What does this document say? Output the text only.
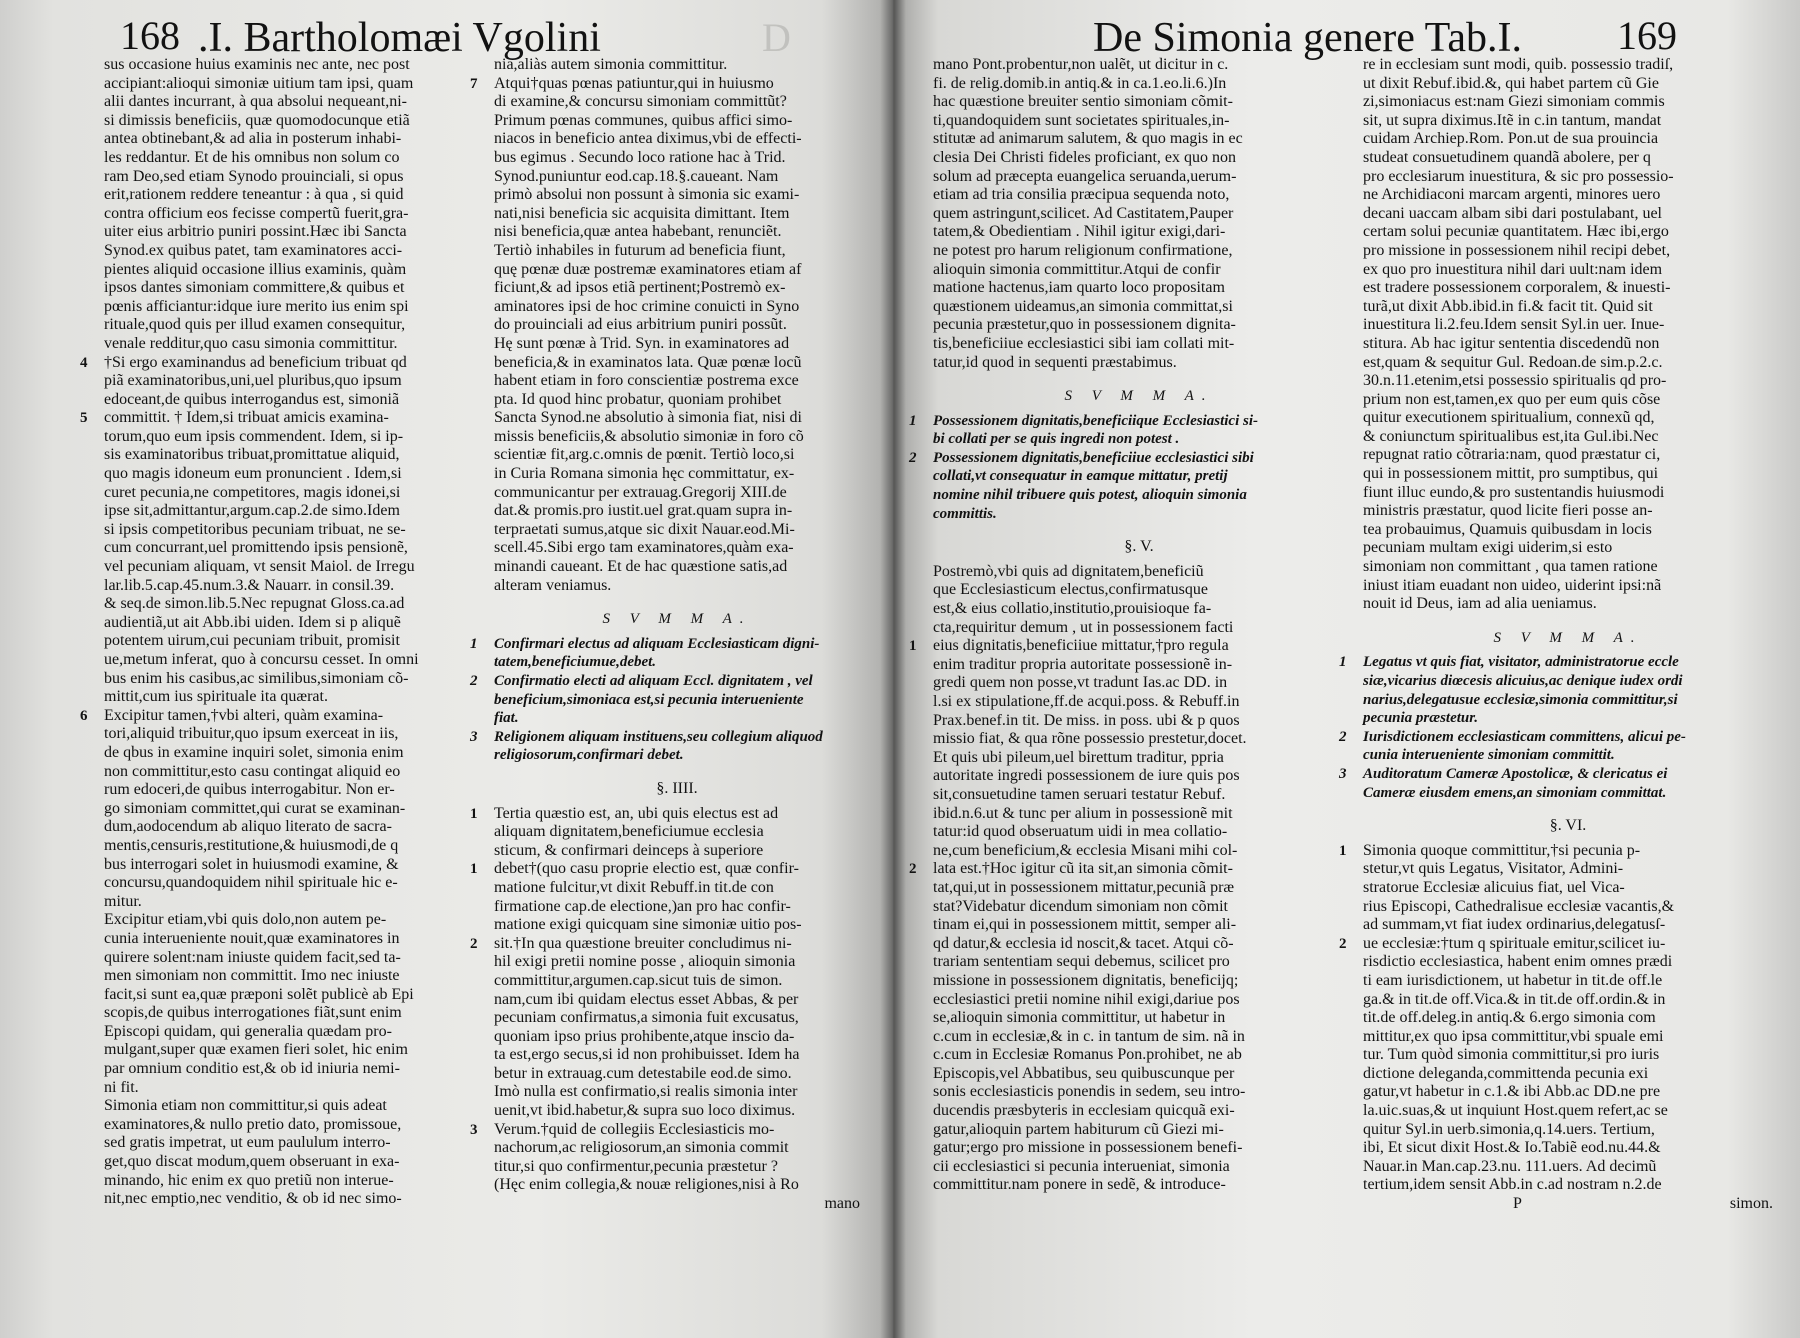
168 .I. Bartholomæi Vgolini	D

sus occasione huius examinis nec ante, nec post

accipiant:alioqui simoniæ uitium tam ipsi, quam

alii dantes incurrant, à qua absolui nequeant,ni-

si dimissis beneficiis, quæ quomodocunque etiã

antea obtinebant,& ad alia in posterum inhabi-

les reddantur. Et de his omnibus non solum co

ram Deo,sed etiam Synodo prouinciali, si opus

erit,rationem reddere teneantur : à qua , si quid

contra officium eos fecisse compertũ fuerit,gra-

uiter eius arbitrio puniri possint.Hæc ibi Sancta

Synod.ex quibus patet, tam examinatores acci-

pientes aliquid occasione illius examinis, quàm

ipsos dantes simoniam committere,& quibus et

pœnis afficiantur:idque iure merito ius enim spi

rituale,quod quis per illud examen consequitur,

venale redditur,quo casu simonia committitur.

4 †Si ergo examinandus ad beneficium tribuat qd

piã examinatoribus,uni,uel pluribus,quo ipsum

edoceant,de quibus interrogandus est, simoniã

5 committit. † Idem,si tribuat amicis examina-

torum,quo eum ipsis commendent. Idem, si ip-

sis examinatoribus tribuat,promittatue aliquid,

quo magis idoneum eum pronuncient . Idem,si

curet pecunia,ne competitores, magis idonei,si

ipse sit,admittantur,argum.cap.2.de simo.Idem

si ipsis competitoribus pecuniam tribuat, ne se-

cum concurrant,uel promittendo ipsis pensionẽ,

vel pecuniam aliquam, vt sensit Maiol. de Irregu

lar.lib.5.cap.45.num.3.& Nauarr. in consil.39.

& seq.de simon.lib.5.Nec repugnat Gloss.ca.ad

audientiã,ut ait Abb.ibi uiden. Idem si p aliquẽ

potentem uirum,cui pecuniam tribuit, promisit

ue,metum inferat, quo à concursu cesset. In omni

bus enim his casibus,ac similibus,simoniam cõ-

mittit,cum ius spirituale ita quærat.

6 Excipitur tamen,†vbi alteri, quàm examina-

tori,aliquid tribuitur,quo ipsum exerceat in iis,

de qbus in examine inquiri solet, simonia enim

non committitur,esto casu contingat aliquid eo

rum edoceri,de quibus interrogabitur. Non er-

go simoniam committet,qui curat se examinan-

dum,aodocendum ab aliquo literato de sacra-

mentis,censuris,restitutione,& huiusmodi,de q

bus interrogari solet in huiusmodi examine, &

concursu,quandoquidem nihil spirituale hic e-

mitur.

Excipitur etiam,vbi quis dolo,non autem pe-

cunia interueniente nouit,quæ examinatores in

quirere solent:nam iniuste quidem facit,sed ta-

men simoniam non committit. Imo nec iniuste

facit,si sunt ea,quæ præponi solẽt publicè ab Epi

scopis,de quibus interrogationes fiãt,sunt enim

Episcopi quidam, qui generalia quædam pro-

mulgant,super quæ examen fieri solet, hic enim

par omnium conditio est,& ob id iniuria nemi-

ni fit.

Simonia etiam non committitur,si quis adeat

examinatores,& nullo pretio dato, promissoue,

sed gratis impetrat, ut eum paululum interro-

get,quo discat modum,quem obseruant in exa-

minando, hic enim ex quo pretiũ non interue-

nit,nec emptio,nec venditio, & ob id nec simo-

nia,aliàs autem simonia committitur.

7 Atqui†quas pœnas patiuntur,qui in huiusmo

di examine,& concursu simoniam committũt?

Primum pœnas communes, quibus affici simo-

niacos in beneficio antea diximus,vbi de effecti-

bus egimus . Secundo loco ratione hac à Trid.

Synod.puniuntur eod.cap.18.§.caueant. Nam

primò absolui non possunt à simonia sic exami-

nati,nisi beneficia sic acquisita dimittant. Item

nisi beneficia,quæ antea habebant, renunciẽt.

Tertiò inhabiles in futurum ad beneficia fiunt,

quę pœnæ duæ postremæ examinatores etiam af

ficiunt,& ad ipsos etiã pertinent;Postremò ex-

aminatores ipsi de hoc crimine conuicti in Syno

do prouinciali ad eius arbitrium puniri possũt.

Hę sunt pœnæ à Trid. Syn. in examinatores ad

beneficia,& in examinatos lata. Quæ pœnæ locũ

habent etiam in foro conscientiæ postrema exce

pta. Id quod hinc probatur, quoniam prohibet

Sancta Synod.ne absolutio à simonia fiat, nisi di

missis beneficiis,& absolutio simoniæ in foro cõ

scientiæ fit,arg.c.omnis de pœnit. Tertiò loco,si

in Curia Romana simonia hęc committatur, ex-

communicantur per extrauag.Gregorij XIII.de

dat.& promis.pro iustit.uel grat.quam supra in-

terpraetati sumus,atque sic dixit Nauar.eod.Mi-

scell.45.Sibi ergo tam examinatores,quàm exa-

minandi caueant. Et de hac quæstione satis,ad

alteram veniamus.

S V M M A.

1 Confirmari electus ad aliquam Ecclesiasticam digni-

tatem,beneficiumue,debet.

2 Confirmatio electi ad aliquam Eccl. dignitatem , vel

beneficium,simoniaca est,si pecunia interueniente

fiat.

3 Religionem aliquam instituens,seu collegium aliquod

religiosorum,confirmari debet.

§. IIII.

1 Tertia quæstio est, an, ubi quis electus est ad

aliquam dignitatem,beneficiumue ecclesia

sticum, & confirmari deinceps à superiore

1 debet†(quo casu proprie electio est, quæ confir-

matione fulcitur,vt dixit Rebuff.in tit.de con

firmatione cap.de electione,)an pro hac confir-

matione exigi quicquam sine simoniæ uitio pos-

2 sit.†In qua quæstione breuiter concludimus ni-

hil exigi pretii nomine posse , alioquin simonia

committitur,argumen.cap.sicut tuis de simon.

nam,cum ibi quidam electus esset Abbas, & per

pecuniam confirmatus,a simonia fuit excusatus,

quoniam ipso prius prohibente,atque inscio da-

ta est,ergo secus,si id non prohibuisset. Idem ha

betur in extrauag.cum detestabile eod.de simo.

Imò nulla est confirmatio,si realis simonia inter

uenit,vt ibid.habetur,& supra suo loco diximus.

3 Verum.†quid de collegiis Ecclesiasticis mo-

nachorum,ac religiosorum,an simonia commit

titur,si quo confirmentur,pecunia præstetur ?

(Hęc enim collegia,& nouæ religiones,nisi à Ro

mano
De Simonia genere Tab.I. 169

mano Pont.probentur,non ualẽt, ut dicitur in c.

fi. de relig.domib.in antiq.& in ca.1.eo.li.6.)In

hac quæstione breuiter sentio simoniam cõmit-

ti,quandoquidem sunt societates spirituales,in-

stitutæ ad animarum salutem, & quo magis in ec

clesia Dei Christi fideles proficiant, ex quo non

solum ad præcepta euangelica seruanda,uerum-

etiam ad tria consilia præcipua sequenda noto,

quem astringunt,scilicet. Ad Castitatem,Pauper

tatem,& Obedientiam . Nihil igitur exigi,dari-

ne potest pro harum religionum confirmatione,

alioquin simonia committitur.Atqui de confir

matione hactenus,iam quarto loco propositam

quæstionem uideamus,an simonia committat,si

pecunia præstetur,quo in possessionem dignita-

tis,beneficiiue ecclesiastici sibi iam collati mit-

tatur,id quod in sequenti præstabimus.

S V M M A.

1 Possessionem dignitatis,beneficiique Ecclesiastici si-

bi collati per se quis ingredi non potest .

2 Possessionem dignitatis,beneficiiue ecclesiastici sibi

collati,vt consequatur in eamque mittatur, pretij

nomine nihil tribuere quis potest, alioquin simonia

committis.

§. V.

Postremò,vbi quis ad dignitatem,beneficiũ

que Ecclesiasticum electus,confirmatusque

est,& eius collatio,institutio,prouisioque fa-

cta,requiritur demum , ut in possessionem facti

1 eius dignitatis,beneficiiue mittatur,†pro regula

enim traditur propria autoritate possessionẽ in-

gredi quem non posse,vt tradunt Ias.ac DD. in

l.si ex stipulatione,ff.de acqui.poss. & Rebuff.in

Prax.benef.in tit. De miss. in poss. ubi & p quos

missio fiat, & qua rõne possessio prestetur,docet.

Et quis ubi pileum,uel birettum traditur, ppria

autoritate ingredi possessionem de iure quis pos

sit,consuetudine tamen seruari testatur Rebuf.

ibid.n.6.ut & tunc per alium in possessionẽ mit

tatur:id quod obseruatum uidi in mea collatio-

ne,cum beneficium,& ecclesia Misani mihi col-

2 lata est.†Hoc igitur cũ ita sit,an simonia cõmit-

tat,qui,ut in possessionem mittatur,pecuniã præ

stat?Videbatur dicendum simoniam non cõmit

tinam ei,qui in possessionem mittit, semper ali-

qd datur,& ecclesia id noscit,& tacet. Atqui cõ-

trariam sententiam sequi debemus, scilicet pro

missione in possessionem dignitatis, beneficijq;

ecclesiastici pretii nomine nihil exigi,dariue pos

se,alioquin simonia committitur, ut habetur in

c.cum in ecclesiæ,& in c. in tantum de sim. nã in

c.cum in Ecclesiæ Romanus Pon.prohibet, ne ab

Episcopis,vel Abbatibus, seu quibuscunque per

sonis ecclesiasticis ponendis in sedem, seu intro-

ducendis præsbyteris in ecclesiam quicquã exi-

gatur,alioquin partem habiturum cũ Giezi mi-

gatur;ergo pro missione in possessionem benefi-

cii ecclesiastici si pecunia interueniat, simonia

committitur.nam ponere in sedẽ, & introduce-

re in ecclesiam sunt modi, quib. possessio tradiſ,

ut dixit Rebuf.ibid.&, qui habet partem cũ Gie

zi,simoniacus est:nam Giezi simoniam commis

sit, ut supra diximus.Itẽ in c.in tantum, mandat

cuidam Archiep.Rom. Pon.ut de sua prouincia

studeat consuetudinem quandã abolere, per q

pro ecclesiarum inuestitura, & sic pro possessio-

ne Archidiaconi marcam argenti, minores uero

decani uaccam albam sibi dari postulabant, uel

certam solui pecuniæ quantitatem. Hæc ibi,ergo

pro missione in possessionem nihil recipi debet,

ex quo pro inuestitura nihil dari uult:nam idem

est tradere possessionem corporalem, & inuesti-

turã,ut dixit Abb.ibid.in fi.& facit tit. Quid sit

inuestitura li.2.feu.Idem sensit Syl.in uer. Inue-

stitura. Ab hac igitur sententia discedendũ non

est,quam & sequitur Gul. Redoan.de sim.p.2.c.

30.n.11.etenim,etsi possessio spiritualis qd pro-

prium non est,tamen,ex quo per eum quis cõse

quitur executionem spiritualium, connexũ qd,

& coniunctum spiritualibus est,ita Gul.ibi.Nec

repugnat ratio cõtraria:nam, quod præstatur ci,

qui in possessionem mittit, pro sumptibus, qui

fiunt illuc eundo,& pro sustentandis huiusmodi

ministris præstatur, quod licite fieri posse an-

tea probauimus, Quamuis quibusdam in locis

pecuniam multam exigi uiderim,si esto

simoniam non committant , qua tamen ratione

iniust itiam euadant non uideo, uiderint ipsi:nã

nouit id Deus, iam ad alia ueniamus.

S V M M A.

1 Legatus vt quis fiat, visitator, administratorue eccle

siæ,vicarius diœcesis alicuius,ac denique iudex ordi

narius,delegatusue ecclesiæ,simonia committitur,si

pecunia præstetur.

2 Iurisdictionem ecclesiasticam committens, alicui pe-

cunia interueniente simoniam committit.

3 Auditoratum Cameræ Apostolicæ, & clericatus ei

Cameræ eiusdem emens,an simoniam committat.

§. VI.

1 Simonia quoque committitur,†si pecunia p-

stetur,vt quis Legatus, Visitator, Admini-

stratorue Ecclesiæ alicuius fiat, uel Vica-

rius Episcopi, Cathedralisue ecclesiæ vacantis,&

ad summam,vt fiat iudex ordinarius,delegatusſ-

2 ue ecclesiæ:†tum q spirituale emitur,scilicet iu-

risdictio ecclesiastica, habent enim omnes prædi

ti eam iurisdictionem, ut habetur in tit.de off.le

ga.& in tit.de off.Vica.& in tit.de off.ordin.& in

tit.de off.deleg.in antiq.& 6.ergo simonia com

mittitur,ex quo ipsa committitur,vbi spuale emi

tur. Tum quòd simonia committitur,si pro iuris

dictione deleganda,committenda pecunia exi

gatur,vt habetur in c.1.& ibi Abb.ac DD.ne pre

la.uic.suas,& ut inquiunt Host.quem refert,ac se

quitur Syl.in uerb.simonia,q.14.uers. Tertium,

ibi, Et sicut dixit Host.& Io.Tabiẽ eod.nu.44.&

Nauar.in Man.cap.23.nu. 111.uers. Ad decimũ

tertium,idem sensit Abb.in c.ad nostram n.2.de

P	simon.
